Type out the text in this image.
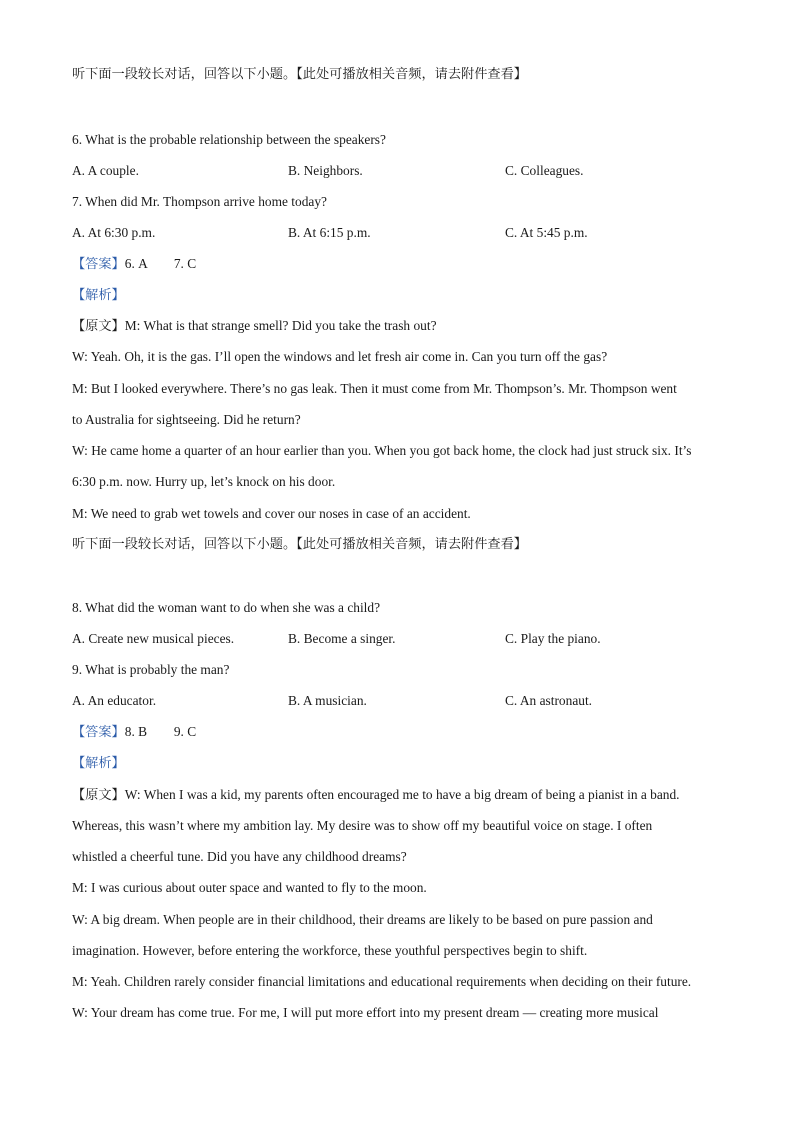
听下面一段较长对话，回答以下小题。【此处可播放相关音频，请去附件查看】
6. What is the probable relationship between the speakers?
A. A couple.	B. Neighbors.	C. Colleagues.
7. When did Mr. Thompson arrive home today?
A. At 6:30 p.m.	B. At 6:15 p.m.	C. At 5:45 p.m.
【答案】6. A        7. C
【解析】
【原文】M: What is that strange smell? Did you take the trash out?
W: Yeah. Oh, it is the gas. I’ll open the windows and let fresh air come in. Can you turn off the gas?
M: But I looked everywhere. There’s no gas leak. Then it must come from Mr. Thompson’s. Mr. Thompson went
to Australia for sightseeing. Did he return?
W: He came home a quarter of an hour earlier than you. When you got back home, the clock had just struck six. It’s
6:30 p.m. now. Hurry up, let’s knock on his door.
M: We need to grab wet towels and cover our noses in case of an accident.
听下面一段较长对话，回答以下小题。【此处可播放相关音频，请去附件查看】
8. What did the woman want to do when she was a child?
A. Create new musical pieces.	B. Become a singer.	C. Play the piano.
9. What is probably the man?
A. An educator.	B. A musician.	C. An astronaut.
【答案】8. B        9. C
【解析】
【原文】W: When I was a kid, my parents often encouraged me to have a big dream of being a pianist in a band.
Whereas, this wasn’t where my ambition lay. My desire was to show off my beautiful voice on stage. I often
whistled a cheerful tune. Did you have any childhood dreams?
M: I was curious about outer space and wanted to fly to the moon.
W: A big dream. When people are in their childhood, their dreams are likely to be based on pure passion and
imagination. However, before entering the workforce, these youthful perspectives begin to shift.
M: Yeah. Children rarely consider financial limitations and educational requirements when deciding on their future.
W: Your dream has come true. For me, I will put more effort into my present dream — creating more musical
